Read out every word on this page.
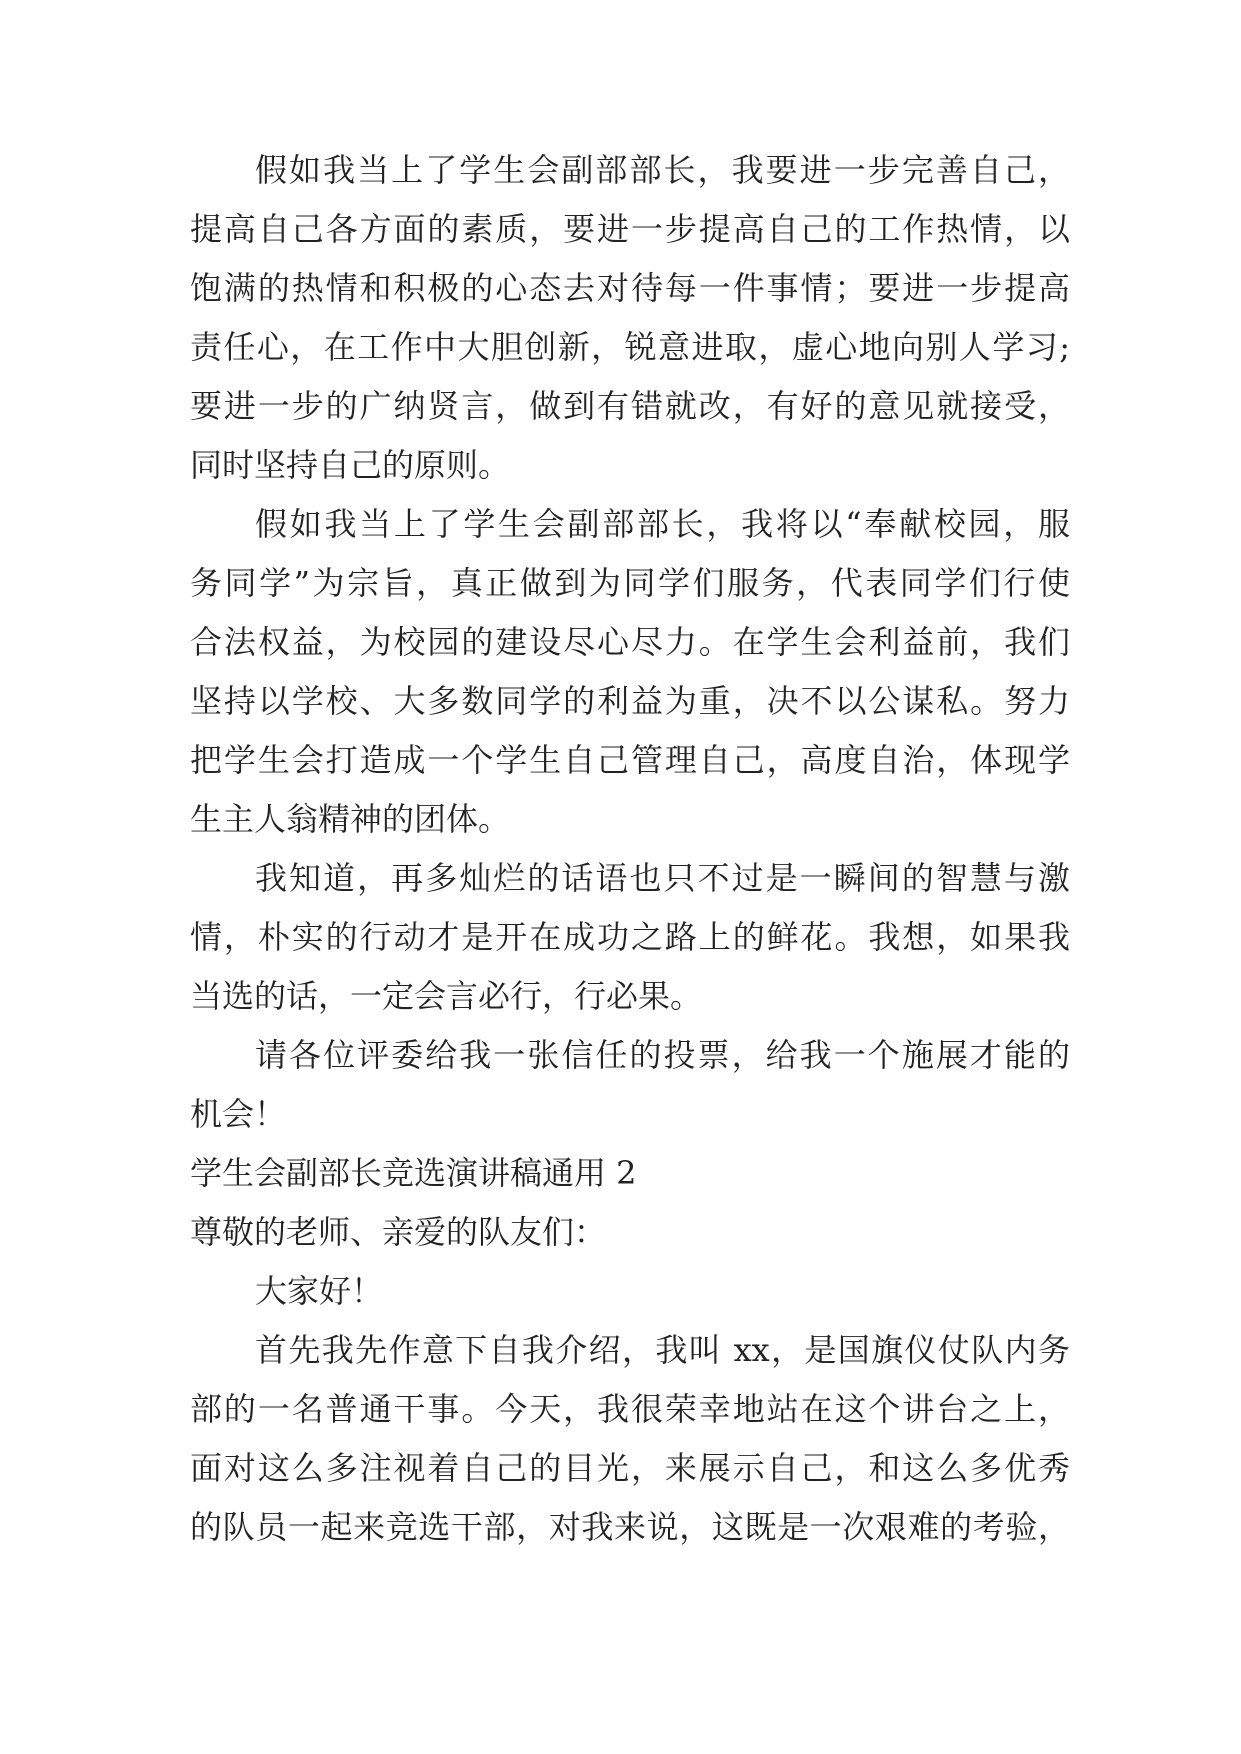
假如我当上了学生会副部部长，我要进一步完善自己，
提高自己各方面的素质，要进一步提高自己的工作热情，以
饱满的热情和积极的心态去对待每一件事情；要进一步提高
责任心，在工作中大胆创新，锐意进取，虚心地向别人学习;
要进一步的广纳贤言，做到有错就改，有好的意见就接受，
同时坚持自己的原则。
假如我当上了学生会副部部长，我将以“奉献校园，服
务同学”为宗旨，真正做到为同学们服务，代表同学们行使
合法权益，为校园的建设尽心尽力。在学生会利益前，我们
坚持以学校、大多数同学的利益为重，决不以公谋私。努力
把学生会打造成一个学生自己管理自己，高度自治，体现学
生主人翁精神的团体。
我知道，再多灿烂的话语也只不过是一瞬间的智慧与激
情，朴实的行动才是开在成功之路上的鲜花。我想，如果我
当选的话，一定会言必行，行必果。
请各位评委给我一张信任的投票，给我一个施展才能的
机会！
学生会副部长竞选演讲稿通用 2
尊敬的老师、亲爱的队友们：
大家好！
首先我先作意下自我介绍，我叫 xx，是国旗仪仗队内务
部的一名普通干事。今天，我很荣幸地站在这个讲台之上，
面对这么多注视着自己的目光，来展示自己，和这么多优秀
的队员一起来竞选干部，对我来说，这既是一次艰难的考验，
